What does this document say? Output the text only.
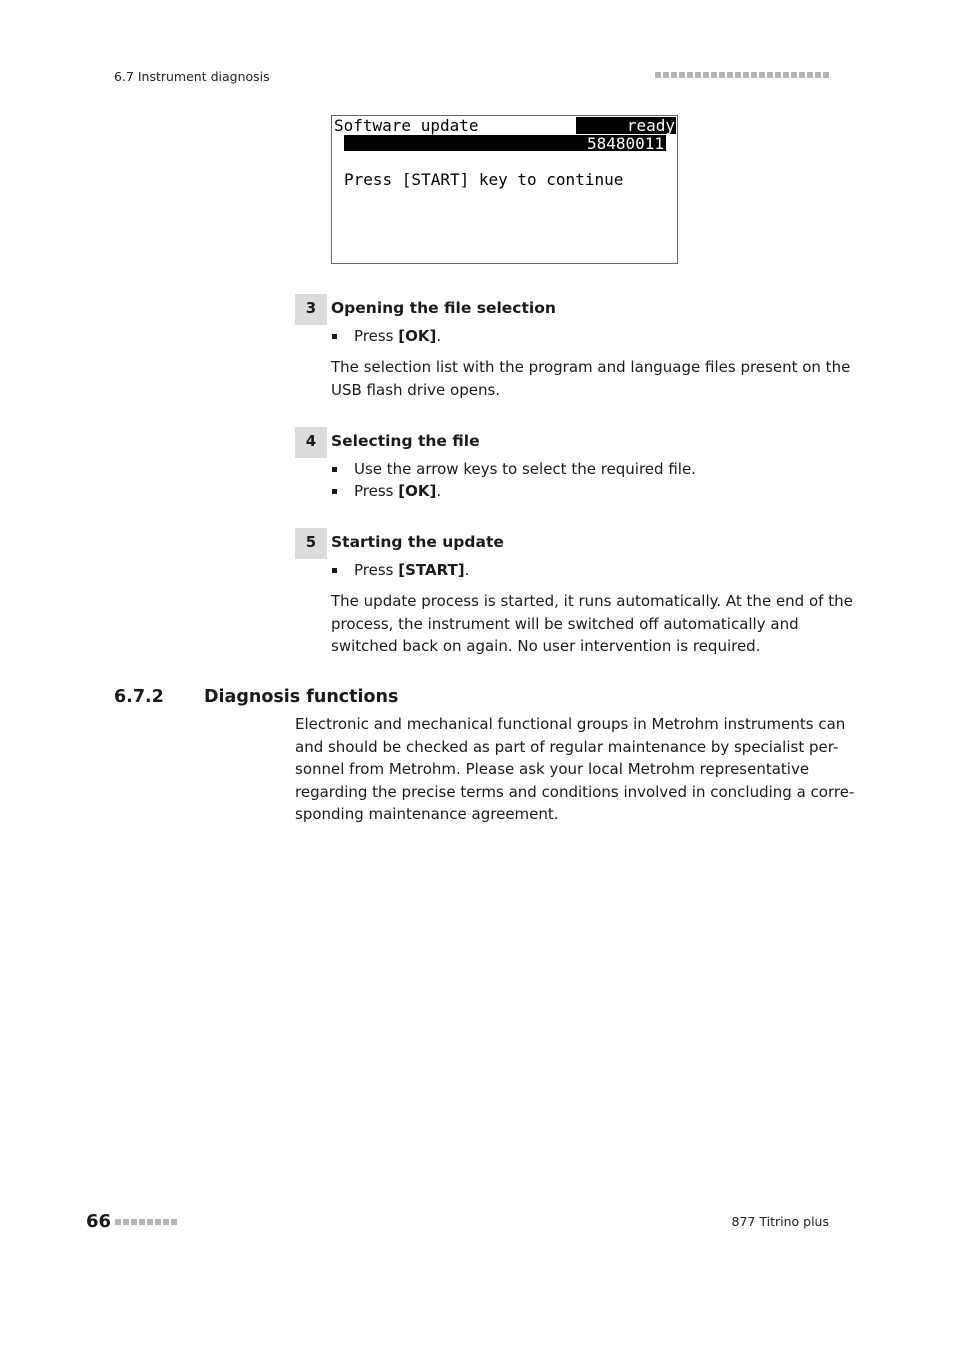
6.7 Instrument diagnosis
Software update	ready

Program version

58480011

Press [START] key to continue
3 Opening the file selection
Press [OK].
The selection list with the program and language files present on the
USB flash drive opens.
4 Selecting the file
Use the arrow keys to select the required file.
Press [OK].
5 Starting the update
Press [START].
The update process is started, it runs automatically. At the end of the
process, the instrument will be switched off automatically and
switched back on again. No user intervention is required.
6.7.2 Diagnosis functions
Electronic and mechanical functional groups in Metrohm instruments can
and should be checked as part of regular maintenance by specialist per-
sonnel from Metrohm. Please ask your local Metrohm representative
regarding the precise terms and conditions involved in concluding a corre-
sponding maintenance agreement.
66	877 Titrino plus
